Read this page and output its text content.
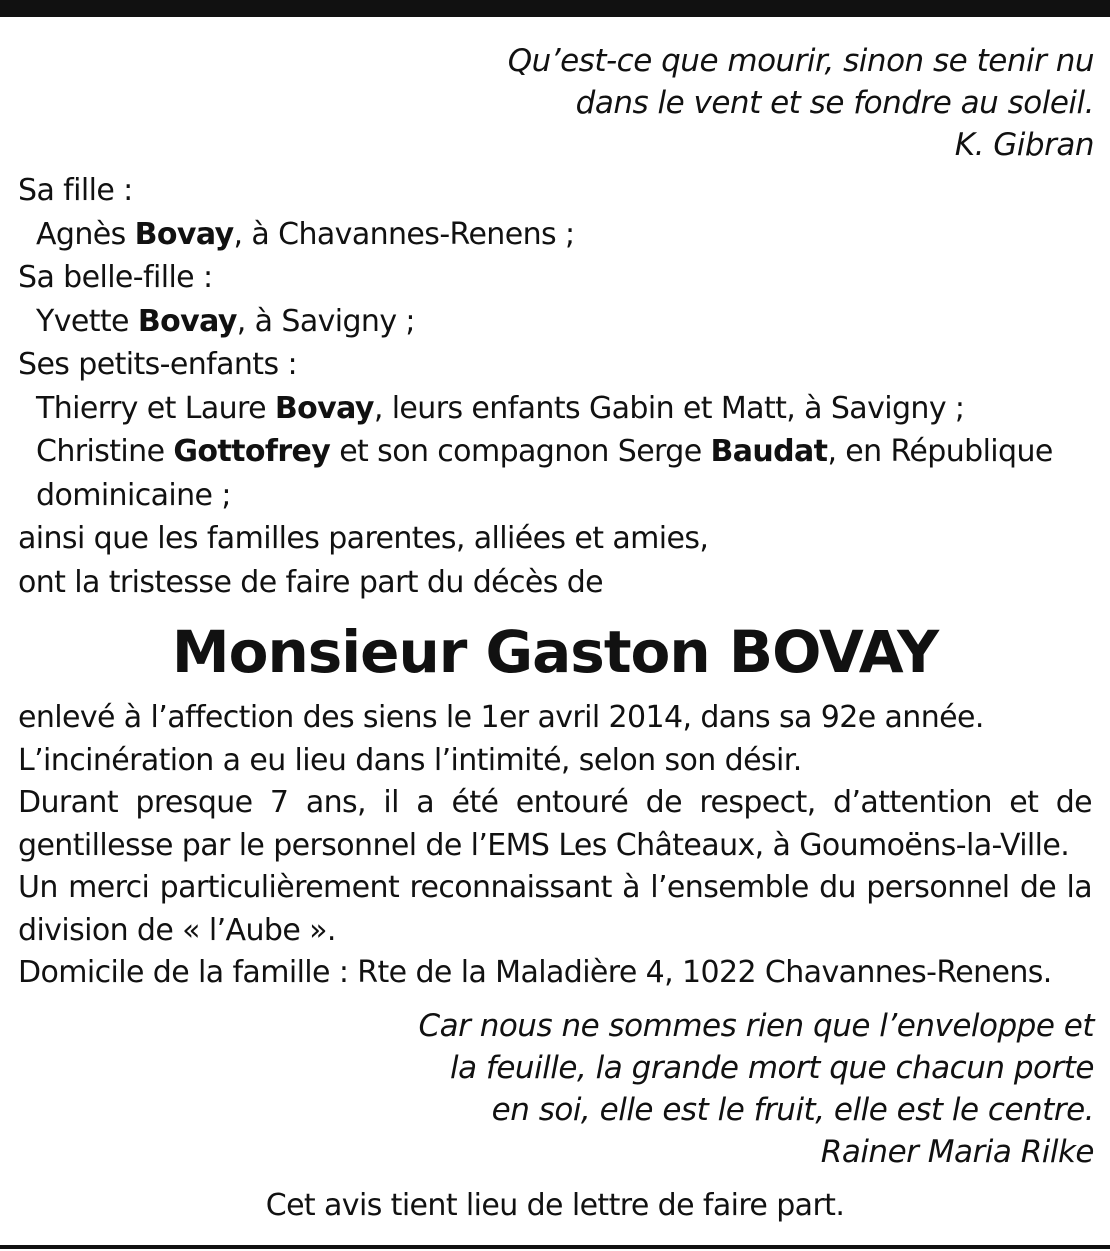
Qu’est-ce que mourir, sinon se tenir nu
dans le vent et se fondre au soleil.
K. Gibran
Sa fille :
Agnès Bovay, à Chavannes-Renens ;
Sa belle-fille :
Yvette Bovay, à Savigny ;
Ses petits-enfants :
Thierry et Laure Bovay, leurs enfants Gabin et Matt, à Savigny ;
Christine Gottofrey et son compagnon Serge Baudat, en République
dominicaine ;
ainsi que les familles parentes, alliées et amies,
ont la tristesse de faire part du décès de
Monsieur Gaston BOVAY

enlevé à l’affection des siens le 1er avril 2014, dans sa 92e année.

L’incinération a eu lieu dans l’intimité, selon son désir.

Durant presque 7 ans, il a été entouré de respect, d’attention et de gentillesse par le personnel de l’EMS Les Châteaux, à Goumoëns-la-Ville.

Un merci particulièrement reconnaissant à l’ensemble du personnel de la division de « l’Aube ».

Domicile de la famille : Rte de la Maladière 4, 1022 Chavannes-Renens.

Car nous ne sommes rien que l’enveloppe et
la feuille, la grande mort que chacun porte
en soi, elle est le fruit, elle est le centre.
Rainer Maria Rilke
Cet avis tient lieu de lettre de faire part.
